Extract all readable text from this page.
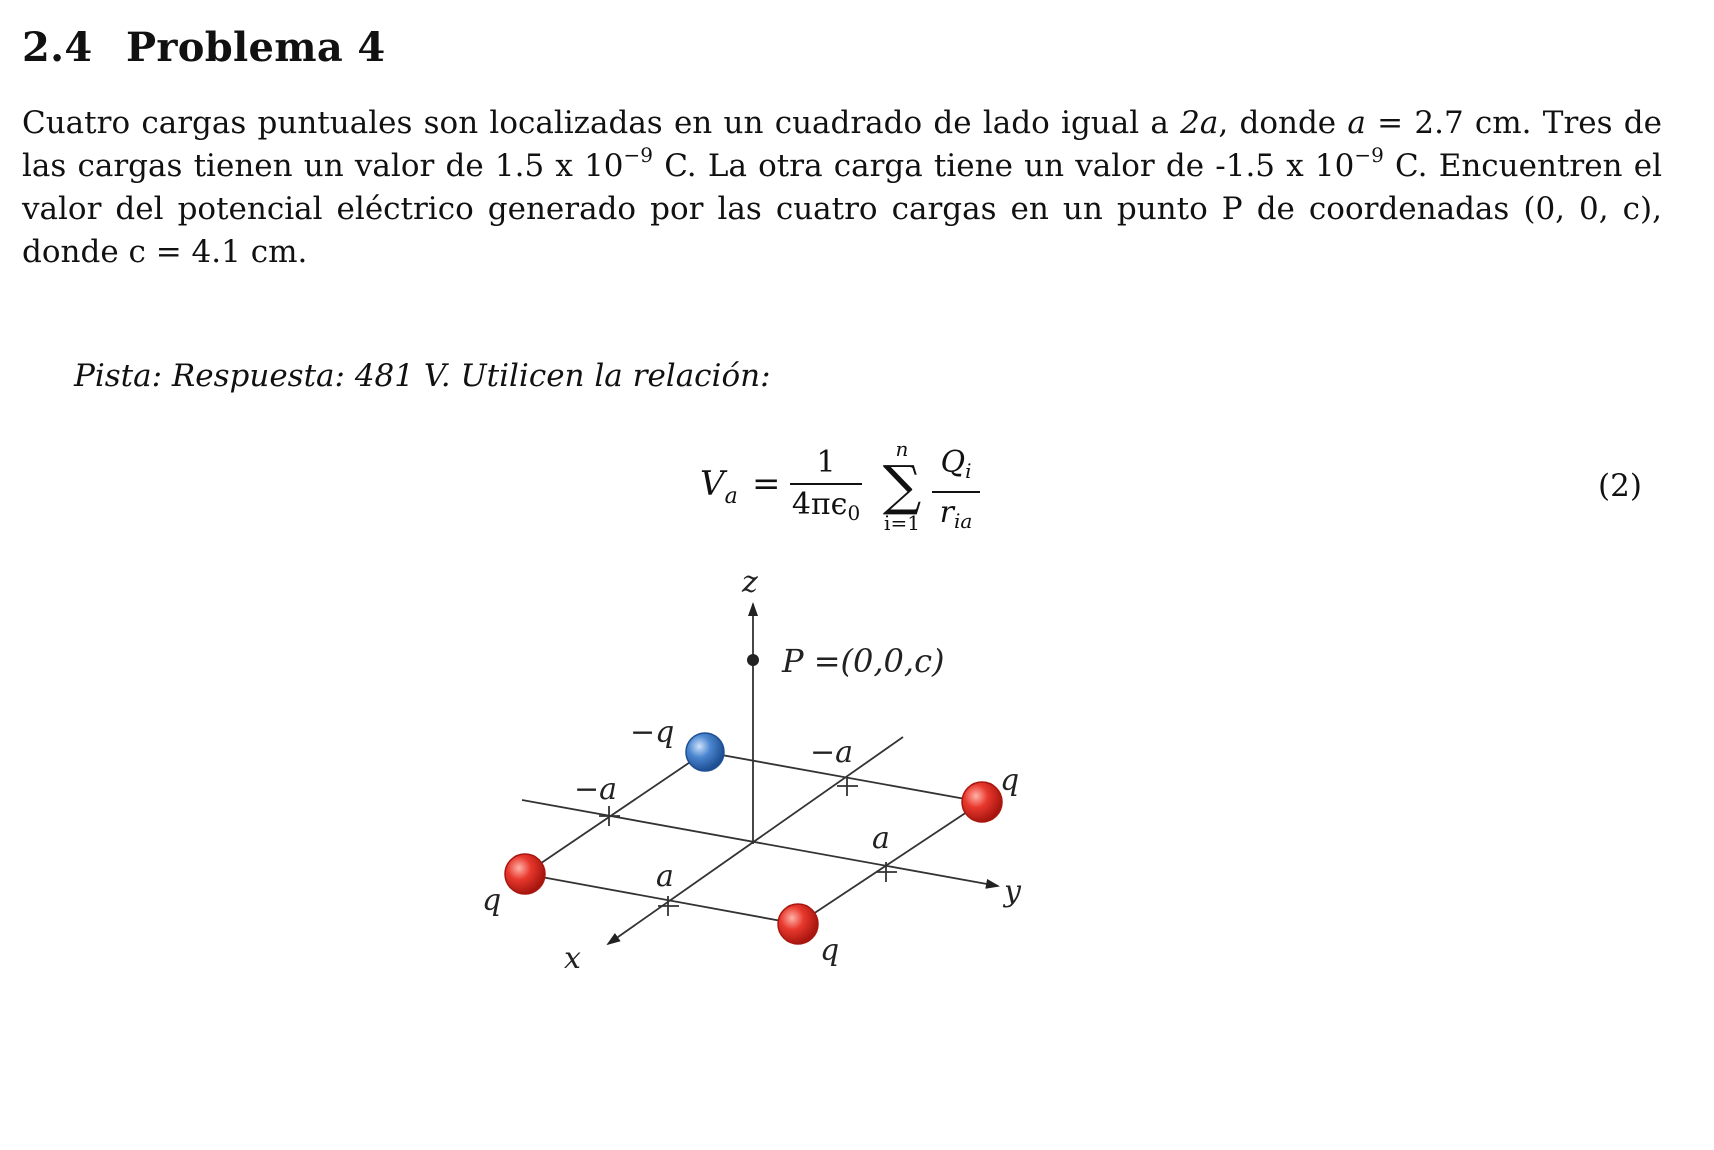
2.4 Problema 4

Cuatro cargas puntuales son localizadas en un cuadrado de lado igual a 2a, donde a = 2.7 cm. Tres de las cargas tienen un valor de 1.5 x $10^{-9}$ C. La otra carga tiene un valor de -1.5 x $10^{-9}$ C. Encuentren el valor del potencial eléctrico generado por las cuatro cargas en un punto P de coordenadas (0, 0, c), donde c = 4.1 cm.

Pista: Respuesta: 481 V. Utilicen la relación:

$V_a$ =
1
$4\pi\epsilon_0$
n
∑
i=1
$Q_i$
$r_{ia}$
(2)
z
y
x
P =(0,0,c)
−q
q
q
q
−a
−a
a
a
